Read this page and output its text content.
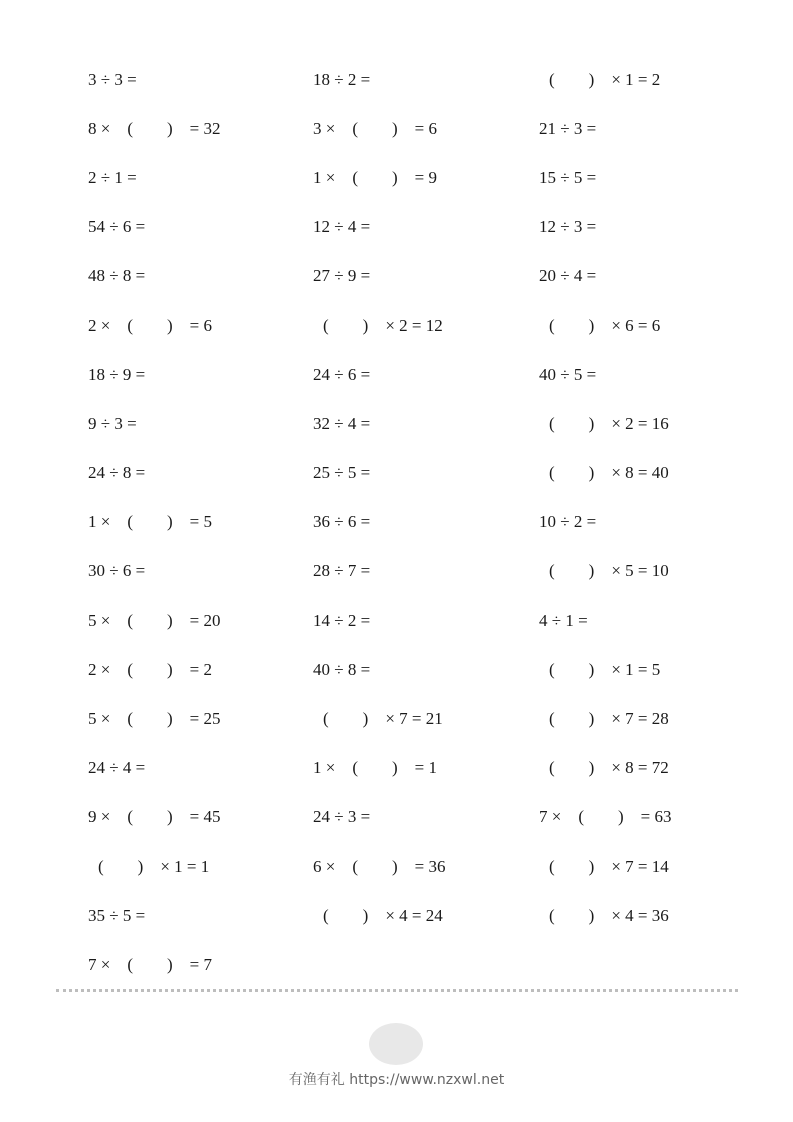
3 ÷ 3 =	18 ÷ 2 =	(　　)　× 1 = 2
8 ×　(　　)　= 32	3 ×　(　　)　= 6	21 ÷ 3 =
2 ÷ 1 =	1 ×　(　　)　= 9	15 ÷ 5 =
54 ÷ 6 =	12 ÷ 4 =	12 ÷ 3 =
48 ÷ 8 =	27 ÷ 9 =	20 ÷ 4 =
2 ×　(　　)　= 6	(　　)　× 2 = 12	(　　)　× 6 = 6
18 ÷ 9 =	24 ÷ 6 =	40 ÷ 5 =
9 ÷ 3 =	32 ÷ 4 =	(　　)　× 2 = 16
24 ÷ 8 =	25 ÷ 5 =	(　　)　× 8 = 40
1 ×　(　　)　= 5	36 ÷ 6 =	10 ÷ 2 =
30 ÷ 6 =	28 ÷ 7 =	(　　)　× 5 = 10
5 ×　(　　)　= 20	14 ÷ 2 =	4 ÷ 1 =
2 ×　(　　)　= 2	40 ÷ 8 =	(　　)　× 1 = 5
5 ×　(　　)　= 25	(　　)　× 7 = 21	(　　)　× 7 = 28
24 ÷ 4 =	1 ×　(　　)　= 1	(　　)　× 8 = 72
9 ×　(　　)　= 45	24 ÷ 3 =	7 ×　(　　)　= 63
(　　)　× 1 = 1	6 ×　(　　)　= 36	(　　)　× 7 = 14
35 ÷ 5 =	(　　)　× 4 = 24	(　　)　× 4 = 36
7 ×　(　　)　= 7
有渔有礼 https://www.nzxwl.net
